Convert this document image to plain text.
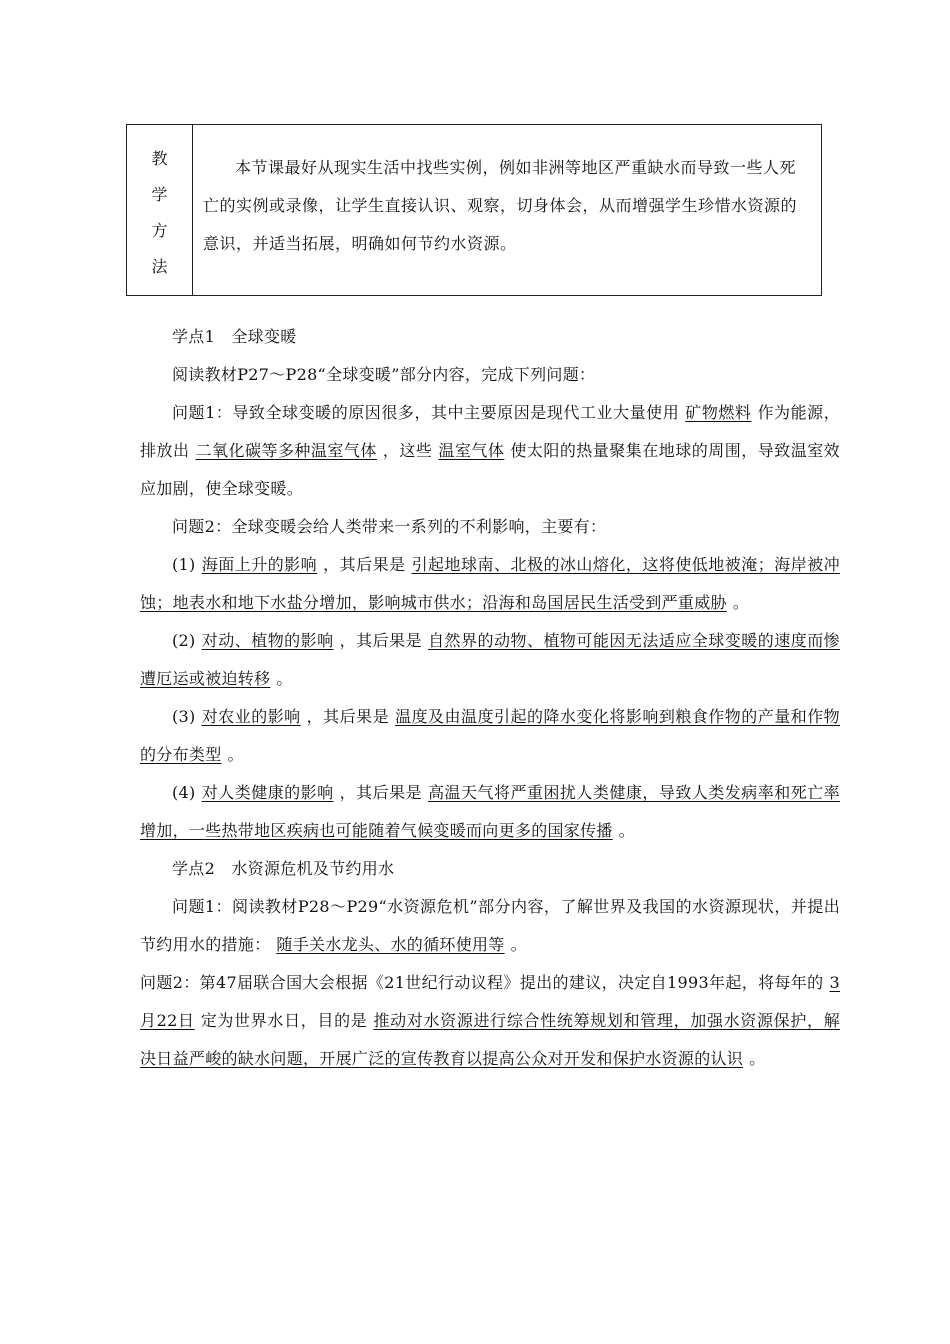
教
学
方
法

本节课最好从现实生活中找些实例，例如非洲等地区严重缺水而导致一些人死亡的实例或录像，让学生直接认识、观察，切身体会，从而增强学生珍惜水资源的意识，并适当拓展，明确如何节约水资源。

学点1　全球变暖

阅读教材P27～P28“全球变暖”部分内容，完成下列问题：

问题1：导致全球变暖的原因很多，其中主要原因是现代工业大量使用 矿物燃料 作为能源，排放出 二氧化碳等多种温室气体 ，这些 温室气体 使太阳的热量聚集在地球的周围，导致温室效应加剧，使全球变暖。

问题2：全球变暖会给人类带来一系列的不利影响，主要有：

(1) 海面上升的影响 ，其后果是 引起地球南、北极的冰山熔化，这将使低地被淹；海岸被冲蚀；地表水和地下水盐分增加，影响城市供水；沿海和岛国居民生活受到严重威胁 。

(2) 对动、植物的影响 ，其后果是 自然界的动物、植物可能因无法适应全球变暖的速度而惨遭厄运或被迫转移 。

(3) 对农业的影响 ，其后果是 温度及由温度引起的降水变化将影响到粮食作物的产量和作物的分布类型 。

(4) 对人类健康的影响 ，其后果是 高温天气将严重困扰人类健康，导致人类发病率和死亡率增加，一些热带地区疾病也可能随着气候变暖而向更多的国家传播 。

学点2　水资源危机及节约用水

问题1：阅读教材P28～P29“水资源危机”部分内容，了解世界及我国的水资源现状，并提出节约用水的措施： 随手关水龙头、水的循环使用等 。

问题2：第47届联合国大会根据《21世纪行动议程》提出的建议，决定自1993年起，将每年的 3月22日 定为世界水日，目的是 推动对水资源进行综合性统筹规划和管理，加强水资源保护，解决日益严峻的缺水问题，开展广泛的宣传教育以提高公众对开发和保护水资源的认识 。
